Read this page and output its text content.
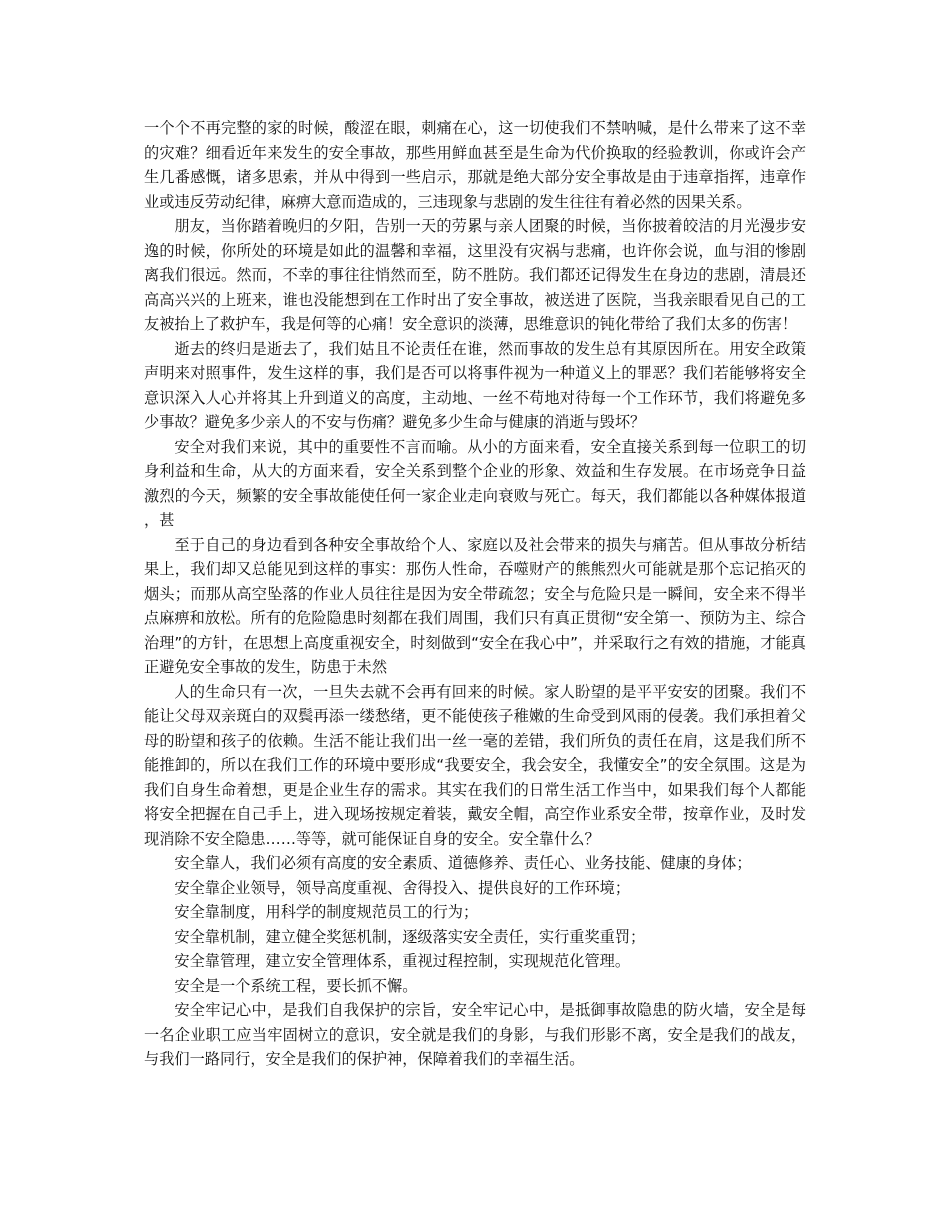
一个个不再完整的家的时候，酸涩在眼，刺痛在心，这一切使我们不禁呐喊，是什么带来了这不幸的灾难？细看近年来发生的安全事故，那些用鲜血甚至是生命为代价换取的经验教训，你或许会产生几番感慨，诸多思索，并从中得到一些启示，那就是绝大部分安全事故是由于违章指挥，违章作业或违反劳动纪律，麻痹大意而造成的，三违现象与悲剧的发生往往有着必然的因果关系。

朋友，当你踏着晚归的夕阳，告别一天的劳累与亲人团聚的时候，当你披着皎洁的月光漫步安逸的时候，你所处的环境是如此的温馨和幸福，这里没有灾祸与悲痛，也许你会说，血与泪的惨剧离我们很远。然而，不幸的事往往悄然而至，防不胜防。我们都还记得发生在身边的悲剧，清晨还高高兴兴的上班来，谁也没能想到在工作时出了安全事故，被送进了医院，当我亲眼看见自己的工友被抬上了救护车，我是何等的心痛！安全意识的淡薄，思维意识的钝化带给了我们太多的伤害！

逝去的终归是逝去了，我们姑且不论责任在谁，然而事故的发生总有其原因所在。用安全政策声明来对照事件，发生这样的事，我们是否可以将事件视为一种道义上的罪恶？我们若能够将安全意识深入人心并将其上升到道义的高度，主动地、一丝不苟地对待每一个工作环节，我们将避免多少事故？避免多少亲人的不安与伤痛？避免多少生命与健康的消逝与毁坏？

安全对我们来说，其中的重要性不言而喻。从小的方面来看，安全直接关系到每一位职工的切身利益和生命，从大的方面来看，安全关系到整个企业的形象、效益和生存发展。在市场竞争日益激烈的今天，频繁的安全事故能使任何一家企业走向衰败与死亡。每天，我们都能以各种媒体报道，甚

至于自己的身边看到各种安全事故给个人、家庭以及社会带来的损失与痛苦。但从事故分析结果上，我们却又总能见到这样的事实：那伤人性命，吞噬财产的熊熊烈火可能就是那个忘记掐灭的烟头；而那从高空坠落的作业人员往往是因为安全带疏忽；安全与危险只是一瞬间，安全来不得半点麻痹和放松。所有的危险隐患时刻都在我们周围，我们只有真正贯彻“安全第一、预防为主、综合治理”的方针，在思想上高度重视安全，时刻做到“安全在我心中”，并采取行之有效的措施，才能真正避免安全事故的发生，防患于未然

人的生命只有一次，一旦失去就不会再有回来的时候。家人盼望的是平平安安的团聚。我们不能让父母双亲斑白的双鬓再添一缕愁绪，更不能使孩子稚嫩的生命受到风雨的侵袭。我们承担着父母的盼望和孩子的依赖。生活不能让我们出一丝一毫的差错，我们所负的责任在肩，这是我们所不能推卸的，所以在我们工作的环境中要形成“我要安全，我会安全，我懂安全”的安全氛围。这是为我们自身生命着想，更是企业生存的需求。其实在我们的日常生活工作当中，如果我们每个人都能将安全把握在自己手上，进入现场按规定着装，戴安全帽，高空作业系安全带，按章作业，及时发现消除不安全隐患……等等，就可能保证自身的安全。安全靠什么？

安全靠人，我们必须有高度的安全素质、道德修养、责任心、业务技能、健康的身体；

安全靠企业领导，领导高度重视、舍得投入、提供良好的工作环境；

安全靠制度，用科学的制度规范员工的行为；

安全靠机制，建立健全奖惩机制，逐级落实安全责任，实行重奖重罚；

安全靠管理，建立安全管理体系，重视过程控制，实现规范化管理。

安全是一个系统工程，要长抓不懈。

安全牢记心中，是我们自我保护的宗旨，安全牢记心中，是抵御事故隐患的防火墙，安全是每一名企业职工应当牢固树立的意识，安全就是我们的身影，与我们形影不离，安全是我们的战友，与我们一路同行，安全是我们的保护神，保障着我们的幸福生活。
